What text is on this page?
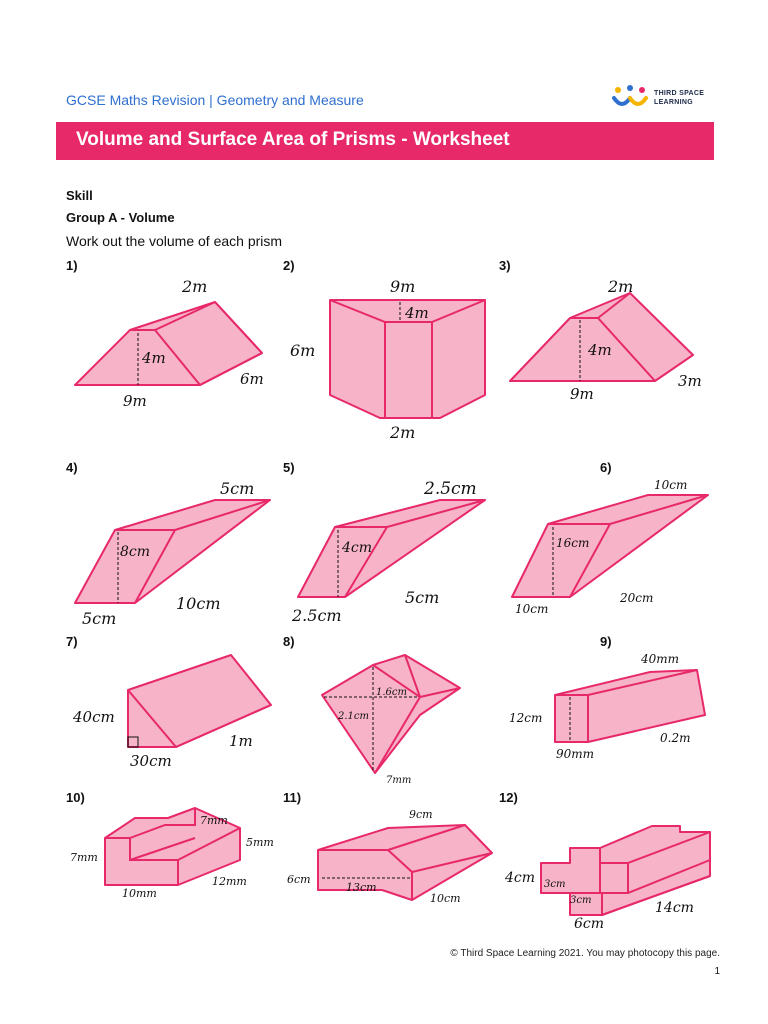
GCSE Maths Revision | Geometry and Measure	THIRD SPACE
LEARNING
Volume and Surface Area of Prisms - Worksheet
Skill
Group A - Volume
Work out the volume of each prism
1)	2)	3)
4)	5)	6)
7)	8)	9)
10)	11)	12)
2m
4m
9m
6m
9m
4m
6m
2m
2m
4m
9m
3m
5cm
8cm
5cm
10cm
2.5cm
4cm
2.5cm
5cm
10cm
16cm
10cm
20cm
40cm
1m
30cm
1.6cm
2.1cm
7mm
40mm
12cm
90mm
0.2m
7mm
5mm
7mm
10mm
12mm
9cm
6cm
13cm
10cm
4cm 3cm
3cm
6cm
14cm
© Third Space Learning 2021. You may photocopy this page.
1
